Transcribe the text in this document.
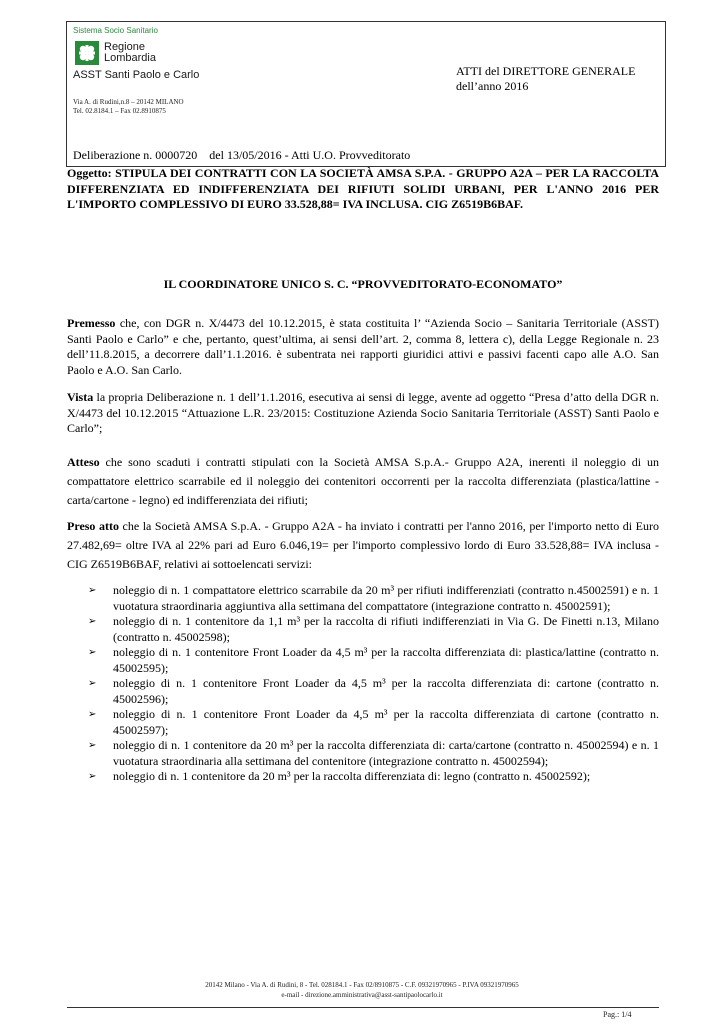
Sistema Socio Sanitario
Regione
Lombardia
ASST Santi Paolo e Carlo
Via A. di Rudini,n.8 – 20142 MILANO
Tel. 02.8184.1 – Fax 02.8910875
ATTI del DIRETTORE GENERALE
dell’anno 2016
Deliberazione n. 0000720    del 13/05/2016 - Atti U.O. Provveditorato
Oggetto: STIPULA DEI CONTRATTI CON LA SOCIETÀ AMSA S.P.A. - GRUPPO A2A – PER LA RACCOLTA DIFFERENZIATA ED INDIFFERENZIATA DEI RIFIUTI SOLIDI URBANI, PER L'ANNO 2016 PER L'IMPORTO COMPLESSIVO DI EURO 33.528,88= IVA INCLUSA. CIG Z6519B6BAF.
IL COORDINATORE UNICO S. C. “PROVVEDITORATO-ECONOMATO”

Premesso che, con DGR n. X/4473 del 10.12.2015, è stata costituita l’ “Azienda Socio – Sanitaria Territoriale (ASST) Santi Paolo e Carlo” e che, pertanto, quest’ultima, ai sensi dell’art. 2, comma 8, lettera c), della Legge Regionale n. 23 dell’11.8.2015, a decorrere dall’1.1.2016. è subentrata nei rapporti giuridici attivi e passivi facenti capo alle A.O. San Paolo e A.O. San Carlo.

Vista la propria Deliberazione n. 1 dell’1.1.2016, esecutiva ai sensi di legge, avente ad oggetto “Presa d’atto della DGR n. X/4473 del 10.12.2015 “Attuazione L.R. 23/2015: Costituzione Azienda Socio Sanitaria Territoriale (ASST) Santi Paolo e Carlo”;

Atteso che sono scaduti i contratti stipulati con la Società AMSA S.p.A.- Gruppo A2A, inerenti il noleggio di un compattatore elettrico scarrabile ed il noleggio dei contenitori occorrenti per la raccolta differenziata (plastica/lattine - carta/cartone - legno) ed indifferenziata dei rifiuti;

Preso atto che la Società AMSA S.p.A. - Gruppo A2A - ha inviato i contratti per l'anno 2016, per l'importo netto di Euro 27.482,69= oltre IVA al 22% pari ad Euro 6.046,19= per l'importo complessivo lordo di Euro 33.528,88= IVA inclusa - CIG Z6519B6BAF, relativi ai sottoelencati servizi:

➢ noleggio di n. 1 compattatore elettrico scarrabile da 20 m³ per rifiuti indifferenziati (contratto n.45002591) e n. 1 vuotatura straordinaria aggiuntiva alla settimana del compattatore (integrazione contratto n. 45002591);
➢ noleggio di n. 1 contenitore da 1,1 m³ per la raccolta di rifiuti indifferenziati in Via G. De Finetti n.13, Milano (contratto n. 45002598);
➢ noleggio di n. 1 contenitore Front Loader da 4,5 m³ per la raccolta differenziata di: plastica/lattine (contratto n. 45002595);
➢ noleggio di n. 1 contenitore Front Loader da 4,5 m³ per la raccolta differenziata di: cartone (contratto n. 45002596);
➢ noleggio di n. 1 contenitore Front Loader da 4,5 m³ per la raccolta differenziata di cartone (contratto n. 45002597);
➢ noleggio di n. 1 contenitore da 20 m³ per la raccolta differenziata di: carta/cartone (contratto n. 45002594) e n. 1 vuotatura straordinaria alla settimana del contenitore (integrazione contratto n. 45002594);
➢ noleggio di n. 1 contenitore da 20 m³ per la raccolta differenziata di: legno (contratto n. 45002592);
20142 Milano - Via A. di Rudini, 8 - Tel. 028184.1 - Fax 02/8910875 - C.F. 09321970965 - P.IVA 09321970965
e-mail - direzione.amministrativa@asst-santipaolocarlo.it
Pag.: 1/4
